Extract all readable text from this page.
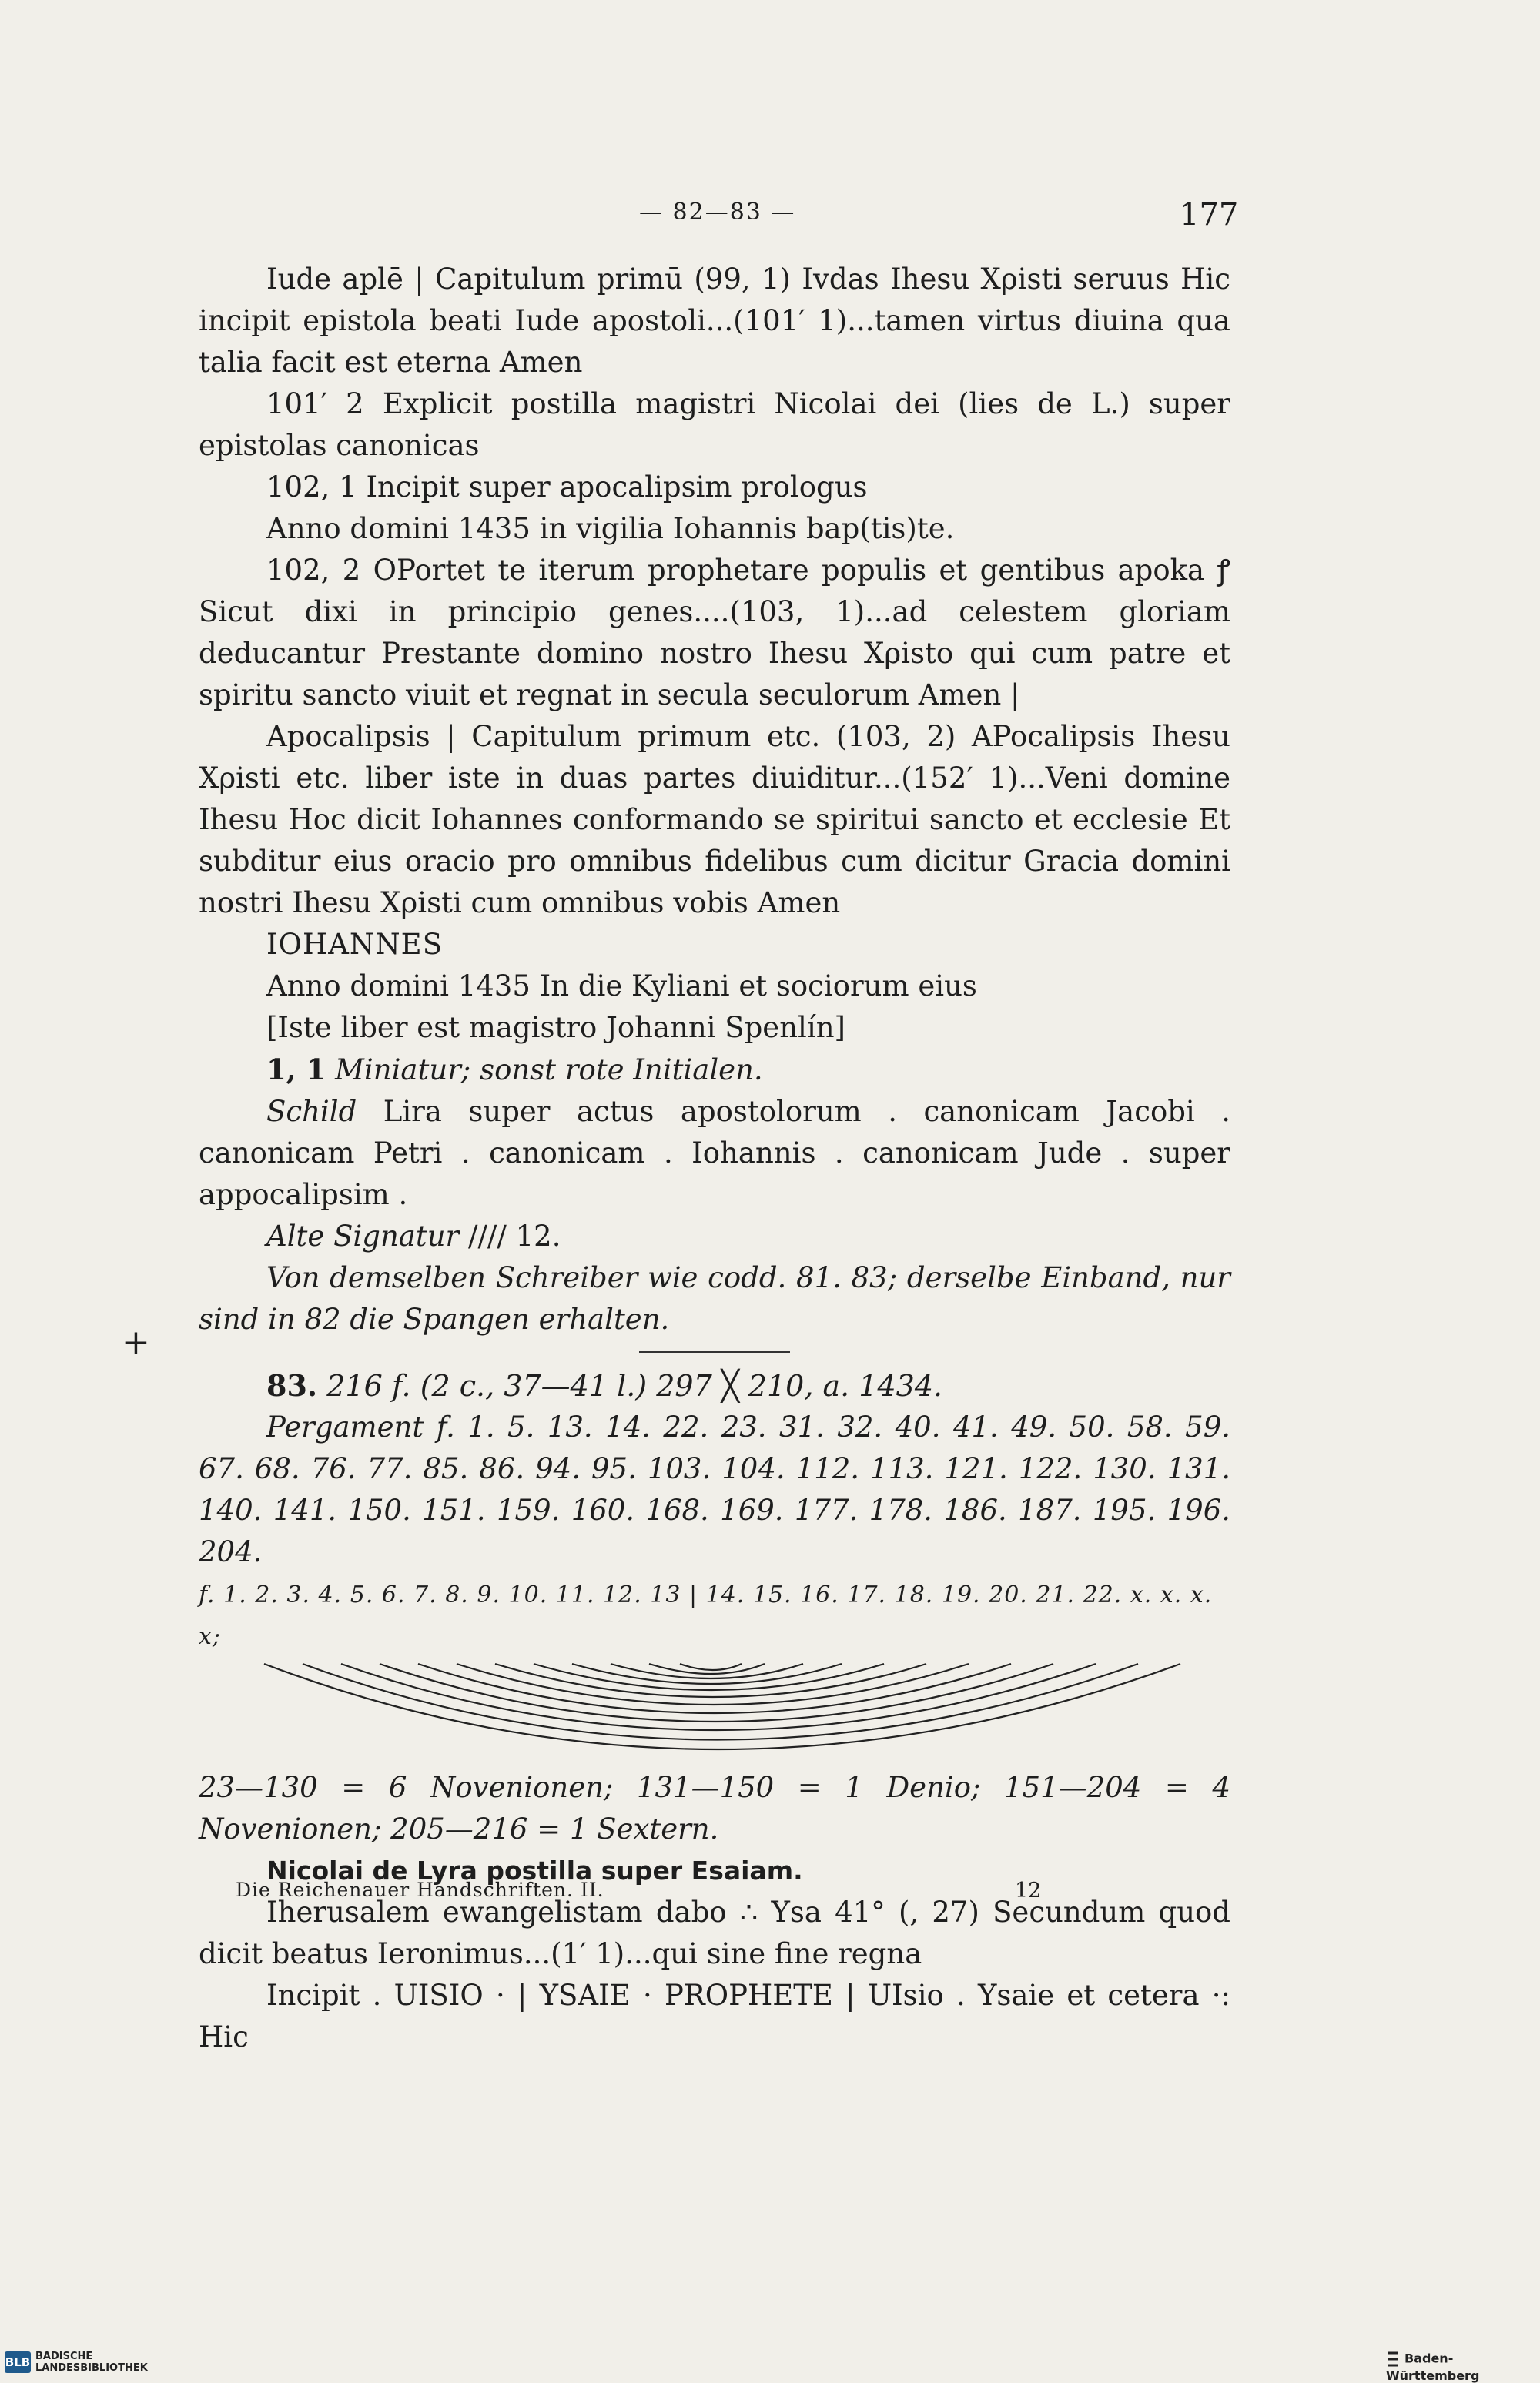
— 82—83 —	177
Iude aplē | Capitulum primū (99, 1) Ivdas Ihesu Xρisti seruus Hic incipit epistola beati Iude apostoli...(101′ 1)...tamen virtus diuina qua talia facit est eterna Amen
101′ 2 Explicit postilla magistri Nicolai dei (lies de L.) super epistolas canonicas
102, 1 Incipit super apocalipsim prologus
Anno domini 1435 in vigilia Iohannis bap(tis)te.
102, 2 OPortet te iterum prophetare populis et gentibus apoka ꝭ Sicut dixi in principio genes....(103, 1)...ad celestem gloriam deducantur Prestante domino nostro Ihesu Xρisto qui cum patre et spiritu sancto viuit et regnat in secula seculorum Amen |
Apocalipsis | Capitulum primum etc. (103, 2) APocalipsis Ihesu Xρisti etc. liber iste in duas partes diuiditur...(152′ 1)...Veni domine Ihesu Hoc dicit Iohannes conformando se spiritui sancto et ecclesie Et subditur eius oracio pro omnibus fidelibus cum dicitur Gracia domini nostri Ihesu Xρisti cum omnibus vobis Amen
IOHANNES
Anno domini 1435 In die Kyliani et sociorum eius
[Iste liber est magistro Johanni Spenlín]
1, 1 Miniatur; sonst rote Initialen.
Schild Lira super actus apostolorum . canonicam Jacobi . canonicam Petri . canonicam . Iohannis . canonicam Jude . super appocalipsim .
Alte Signatur //// 12.
Von demselben Schreiber wie codd. 81. 83; derselbe Einband, nur sind in 82 die Spangen erhalten.
83. 216 f. (2 c., 37—41 l.) 297 ╳ 210, a. 1434.
Pergament f. 1. 5. 13. 14. 22. 23. 31. 32. 40. 41. 49. 50. 58. 59. 67. 68. 76. 77. 85. 86. 94. 95. 103. 104. 112. 113. 121. 122. 130. 131. 140. 141. 150. 151. 159. 160. 168. 169. 177. 178. 186. 187. 195. 196. 204.
f. 1. 2. 3. 4. 5. 6. 7. 8. 9. 10. 11. 12. 13 | 14. 15. 16. 17. 18. 19. 20. 21. 22. x. x. x. x;
23—130 = 6 Novenionen; 131—150 = 1 Denio; 151—204 = 4 Novenionen; 205—216 = 1 Sextern.
Nicolai de Lyra postilla super Esaiam.
Iherusalem ewangelistam dabo ∴ Ysa 41° (, 27) Secundum quod dicit beatus Ieronimus...(1′ 1)...qui sine fine regna
Incipit . UISIO · | YSAIE · PROPHETE | UIsio . Ysaie et cetera ·: Hic
+
Die Reichenauer Handschriften. II.	12
BLB BADISCHE
LANDESBIBLIOTHEK
Baden-Württemberg
